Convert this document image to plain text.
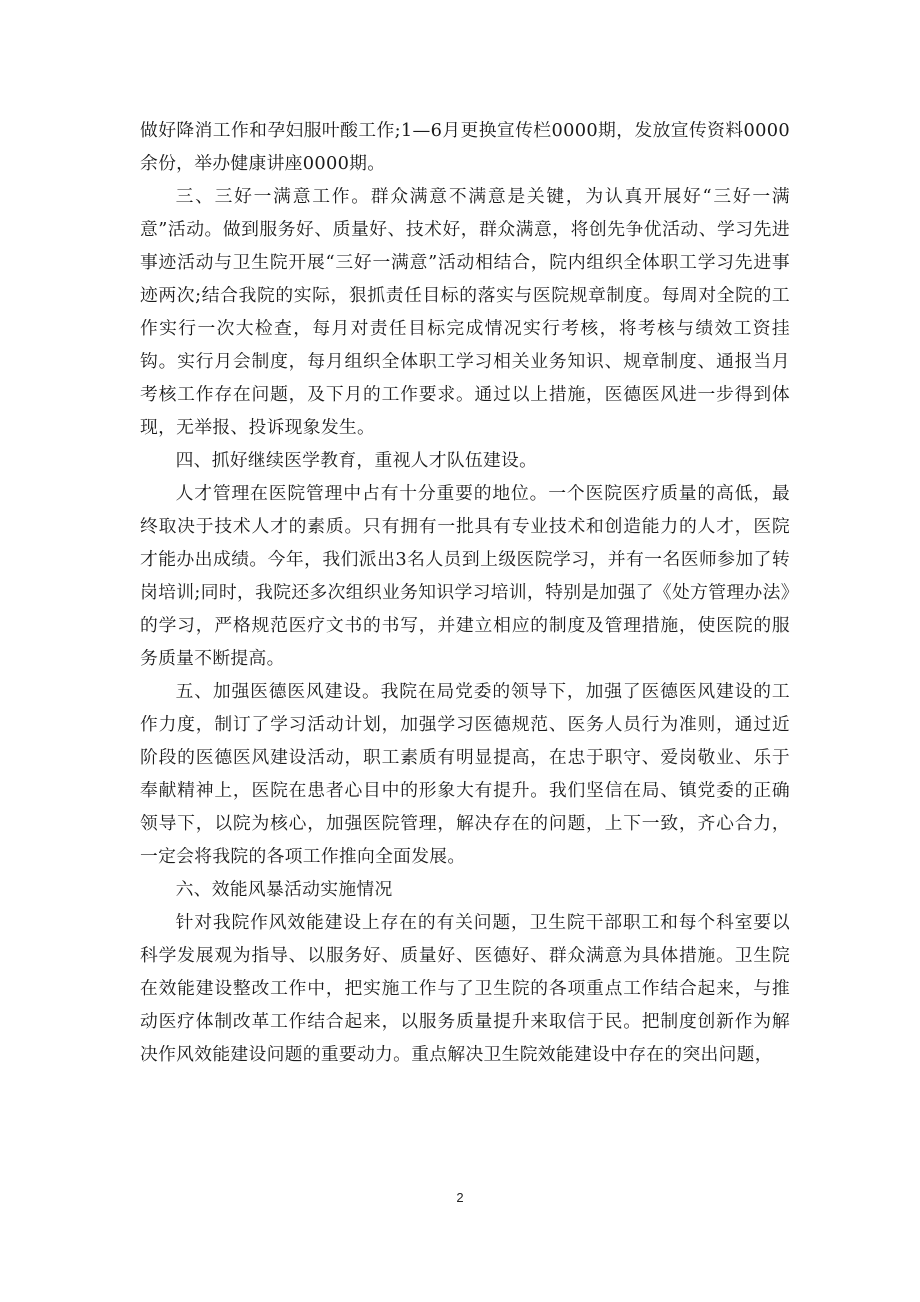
做好降消工作和孕妇服叶酸工作;1—6月更换宣传栏0000期，发放宣传资料0000余份，举办健康讲座0000期。

三、三好一满意工作。群众满意不满意是关键，为认真开展好“三好一满意”活动。做到服务好、质量好、技术好，群众满意，将创先争优活动、学习先进事迹活动与卫生院开展“三好一满意”活动相结合，院内组织全体职工学习先进事迹两次;结合我院的实际，狠抓责任目标的落实与医院规章制度。每周对全院的工作实行一次大检查，每月对责任目标完成情况实行考核，将考核与绩效工资挂钩。实行月会制度，每月组织全体职工学习相关业务知识、规章制度、通报当月考核工作存在问题，及下月的工作要求。通过以上措施，医德医风进一步得到体现，无举报、投诉现象发生。

四、抓好继续医学教育，重视人才队伍建设。

人才管理在医院管理中占有十分重要的地位。一个医院医疗质量的高低，最终取决于技术人才的素质。只有拥有一批具有专业技术和创造能力的人才，医院才能办出成绩。今年，我们派出3名人员到上级医院学习，并有一名医师参加了转岗培训;同时，我院还多次组织业务知识学习培训，特别是加强了《处方管理办法》的学习，严格规范医疗文书的书写，并建立相应的制度及管理措施，使医院的服务质量不断提高。

五、加强医德医风建设。我院在局党委的领导下，加强了医德医风建设的工作力度，制订了学习活动计划，加强学习医德规范、医务人员行为准则，通过近阶段的医德医风建设活动，职工素质有明显提高，在忠于职守、爱岗敬业、乐于奉献精神上，医院在患者心目中的形象大有提升。我们坚信在局、镇党委的正确领导下，以院为核心，加强医院管理，解决存在的问题，上下一致，齐心合力，一定会将我院的各项工作推向全面发展。

六、效能风暴活动实施情况

针对我院作风效能建设上存在的有关问题，卫生院干部职工和每个科室要以科学发展观为指导、以服务好、质量好、医德好、群众满意为具体措施。卫生院在效能建设整改工作中，把实施工作与了卫生院的各项重点工作结合起来，与推动医疗体制改革工作结合起来，以服务质量提升来取信于民。把制度创新作为解决作风效能建设问题的重要动力。重点解决卫生院效能建设中存在的突出问题，

2
